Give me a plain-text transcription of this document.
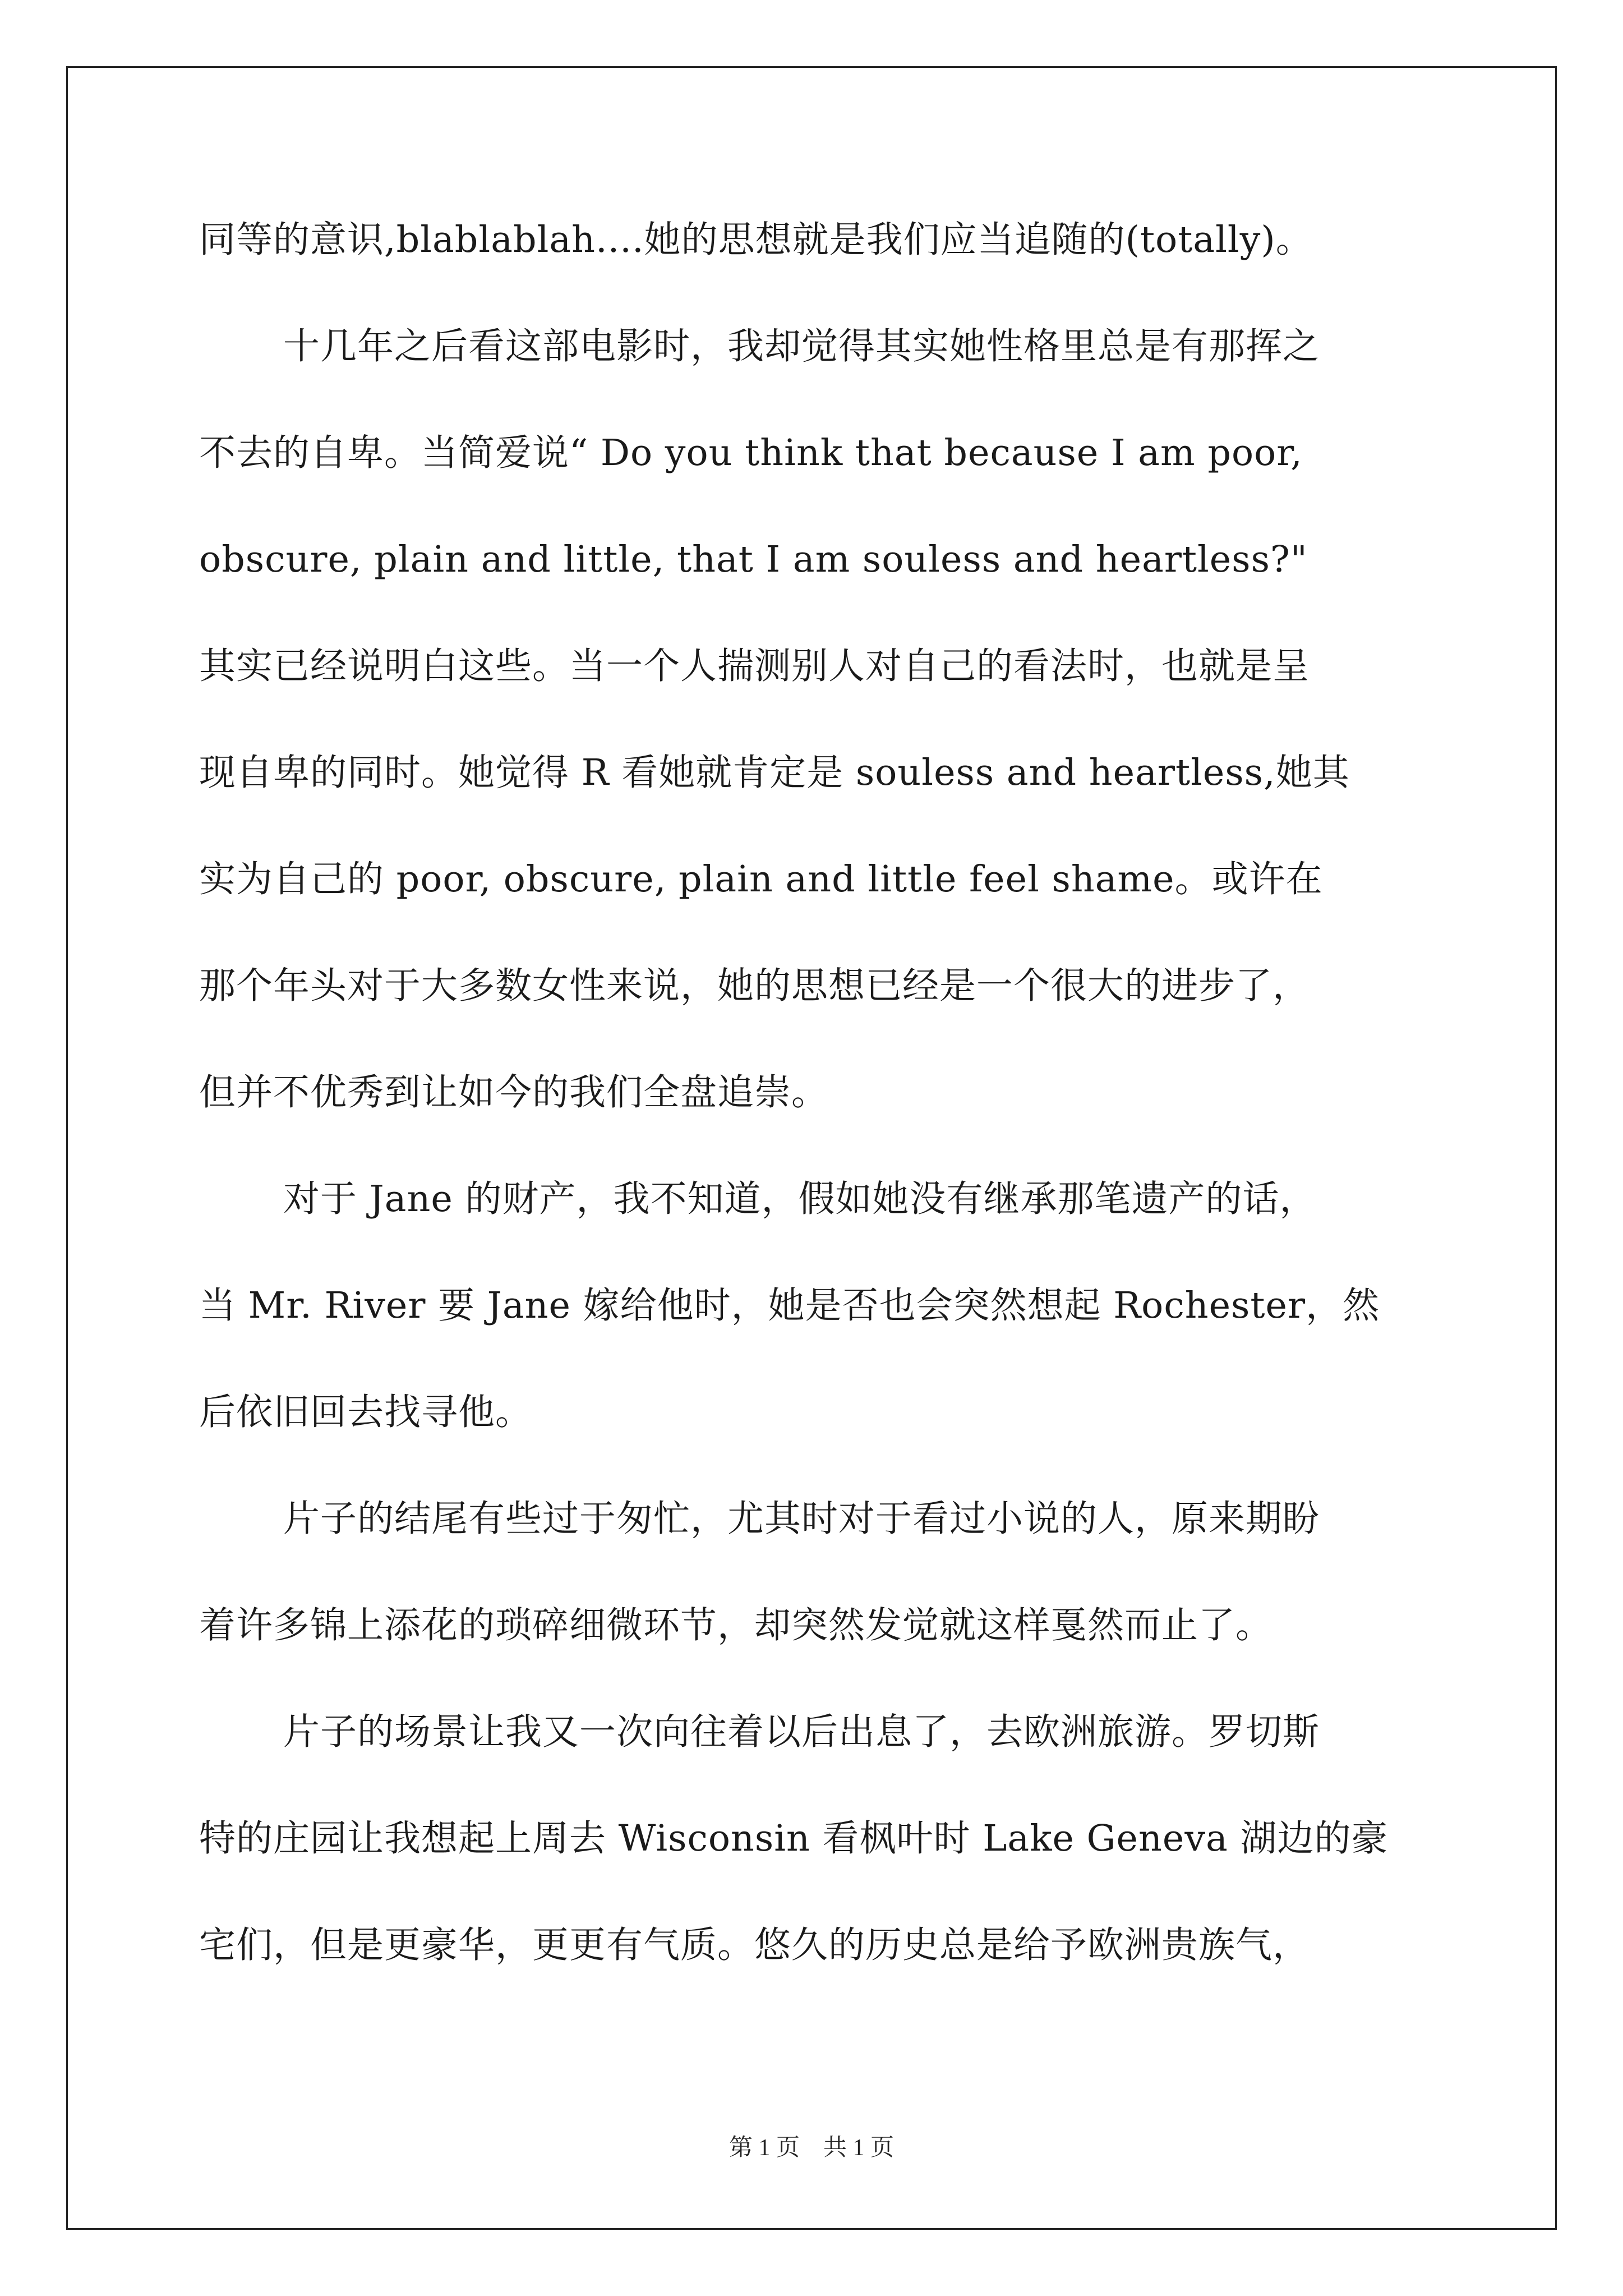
同等的意识,blablablah....她的思想就是我们应当追随的(totally)。
十几年之后看这部电影时，我却觉得其实她性格里总是有那挥之
不去的自卑。当简爱说“ Do you think that because I am poor,
obscure, plain and little, that I am souless and heartless?"
其实已经说明白这些。当一个人揣测别人对自己的看法时，也就是呈
现自卑的同时。她觉得 R 看她就肯定是 souless and heartless,她其
实为自己的 poor, obscure, plain and little feel shame。或许在
那个年头对于大多数女性来说，她的思想已经是一个很大的进步了，
但并不优秀到让如今的我们全盘追崇。
对于 Jane 的财产，我不知道，假如她没有继承那笔遗产的话，
当 Mr. River 要 Jane 嫁给他时，她是否也会突然想起 Rochester，然
后依旧回去找寻他。
片子的结尾有些过于匆忙，尤其时对于看过小说的人，原来期盼
着许多锦上添花的琐碎细微环节，却突然发觉就这样戛然而止了。
片子的场景让我又一次向往着以后出息了，去欧洲旅游。罗切斯
特的庄园让我想起上周去 Wisconsin 看枫叶时 Lake Geneva 湖边的豪
宅们，但是更豪华，更更有气质。悠久的历史总是给予欧洲贵族气，
第 1 页　共 1 页
